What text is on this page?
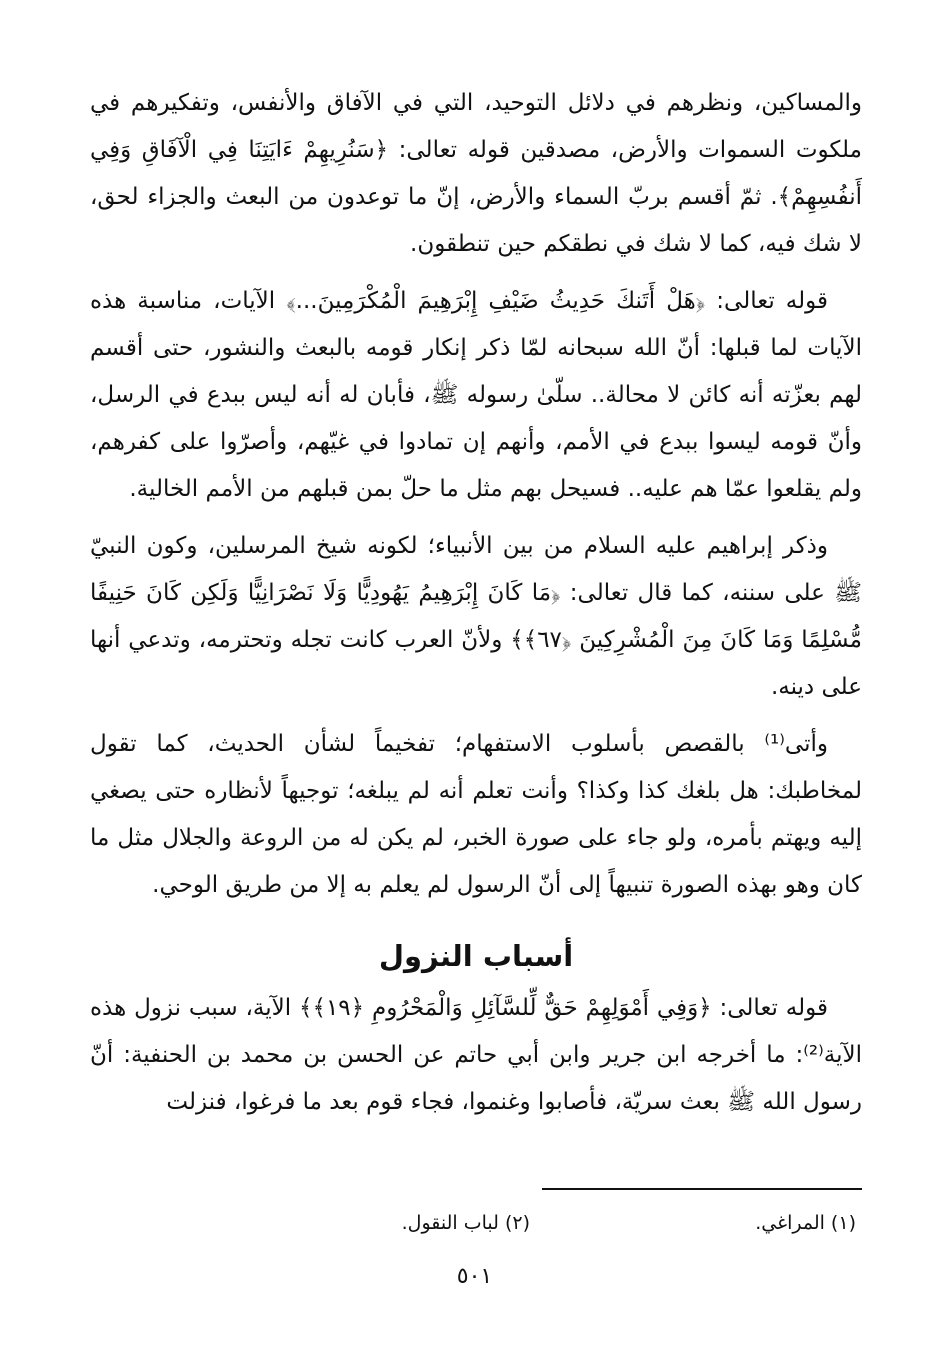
والمساكين، ونظرهم في دلائل التوحيد، التي في الآفاق والأنفس، وتفكيرهم في ملكوت السموات والأرض، مصدقين قوله تعالى: ﴿سَنُرِيهِمْ ءَايَتِنَا فِي الْآفَاقِ وَفِي أَنفُسِهِمْ﴾. ثمّ أقسم بربّ السماء والأرض، إنّ ما توعدون من البعث والجزاء لحق، لا شك فيه، كما لا شك في نطقكم حين تنطقون.

قوله تعالى: ﴿هَلْ أَتَنكَ حَدِيثُ ضَيْفِ إِبْرَهِيمَ الْمُكْرَمِينَ...﴾ الآيات، مناسبة هذه الآيات لما قبلها: أنّ الله سبحانه لمّا ذكر إنكار قومه بالبعث والنشور، حتى أقسم لهم بعزّته أنه كائن لا محالة.. سلّىٰ رسوله ﷺ، فأبان له أنه ليس ببدع في الرسل، وأنّ قومه ليسوا ببدع في الأمم، وأنهم إن تمادوا في غيّهم، وأصرّوا على كفرهم، ولم يقلعوا عمّا هم عليه.. فسيحل بهم مثل ما حلّ بمن قبلهم من الأمم الخالية.

وذكر إبراهيم عليه السلام من بين الأنبياء؛ لكونه شيخ المرسلين، وكون النبيّ ﷺ على سننه، كما قال تعالى: ﴿مَا كَانَ إِبْرَهِيمُ يَهُودِيًّا وَلَا نَصْرَانِيًّا وَلَكِن كَانَ حَنِيفًا مُّسْلِمًا وَمَا كَانَ مِنَ الْمُشْرِكِينَ ﴿٦٧﴾﴾ ولأنّ العرب كانت تجله وتحترمه، وتدعي أنها على دينه.

وأتى⁽¹⁾ بالقصص بأسلوب الاستفهام؛ تفخيماً لشأن الحديث، كما تقول لمخاطبك: هل بلغك كذا وكذا؟ وأنت تعلم أنه لم يبلغه؛ توجيهاً لأنظاره حتى يصغي إليه ويهتم بأمره، ولو جاء على صورة الخبر، لم يكن له من الروعة والجلال مثل ما كان وهو بهذه الصورة تنبيهاً إلى أنّ الرسول لم يعلم به إلا من طريق الوحي.

أسباب النزول

قوله تعالى: ﴿وَفِي أَمْوَلِهِمْ حَقٌّ لِّلسَّآئِلِ وَالْمَحْرُومِ ﴿١٩﴾﴾ الآية، سبب نزول هذه الآية⁽²⁾: ما أخرجه ابن جرير وابن أبي حاتم عن الحسن بن محمد بن الحنفية: أنّ رسول الله ﷺ بعث سريّة، فأصابوا وغنموا، فجاء قوم بعد ما فرغوا، فنزلت

(١) المراغي.
(٢) لباب النقول.
٥٠١
